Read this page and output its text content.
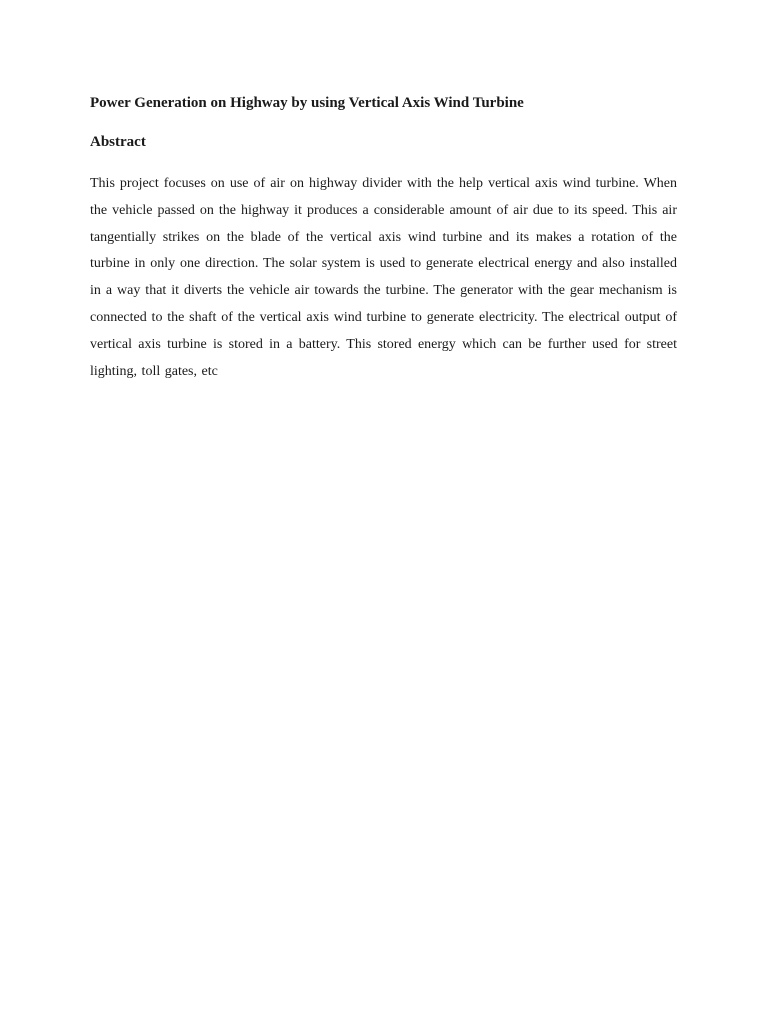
Power Generation on Highway by using Vertical Axis Wind Turbine
Abstract

This project focuses on use of air on highway divider with the help vertical axis wind turbine. When the vehicle passed on the highway it produces a considerable amount of air due to its speed. This air tangentially strikes on the blade of the vertical axis wind turbine and its makes a rotation of the turbine in only one direction. The solar system is used to generate electrical energy and also installed in a way that it diverts the vehicle air towards the turbine. The generator with the gear mechanism is connected to the shaft of the vertical axis wind turbine to generate electricity. The electrical output of vertical axis turbine is stored in a battery. This stored energy which can be further used for street lighting, toll gates, etc
